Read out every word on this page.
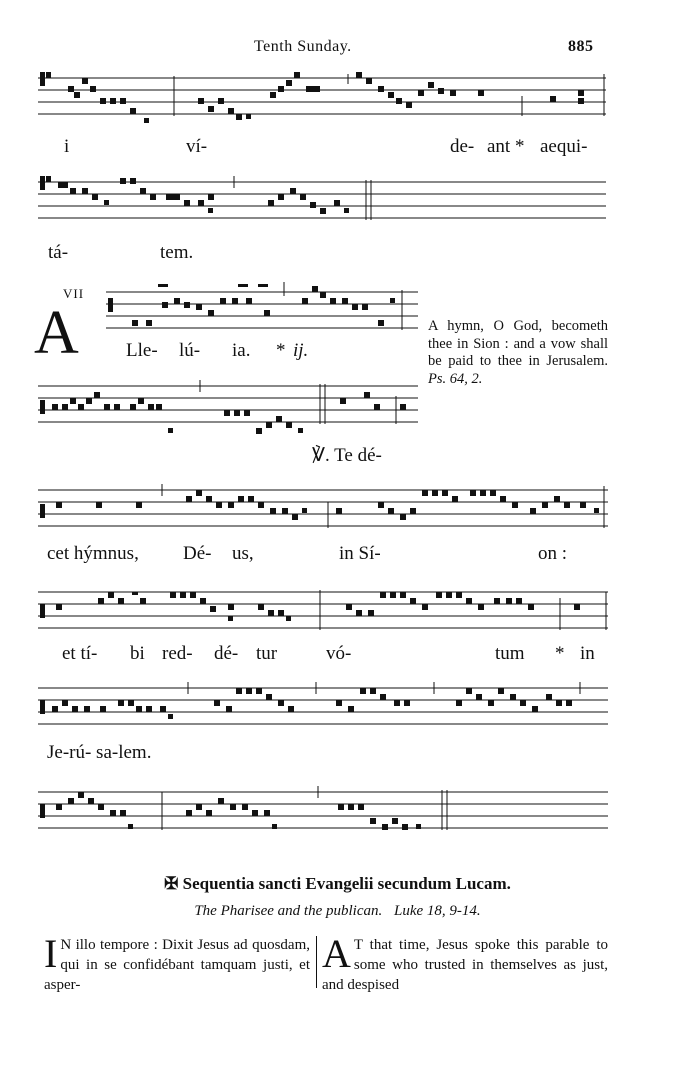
Tenth Sunday.	885
i	ví-	de- ant * aequi-
tá-	tem.
VII
A Lle- lú- ia. * ij.
A hymn, O God, becometh thee in Sion : and a vow shall be paid to thee in Jerusalem. Ps. 64, 2.
℣. Te dé-
cet hýmnus, Dé- us,	in Sí-	on :
et tí- bi red- dé- tur	vó-	tum * in
Je-rú- sa-lem.
✠ Sequentia sancti Evangelii secundum Lucam.
The Pharisee and the publican. Luke 18, 9-14.
I N illo tempore : Dixit Jesus ad quosdam, qui in se confidébant tamquam justi, et asper-
A T that time, Jesus spoke this parable to some who trusted in themselves as just, and despised
